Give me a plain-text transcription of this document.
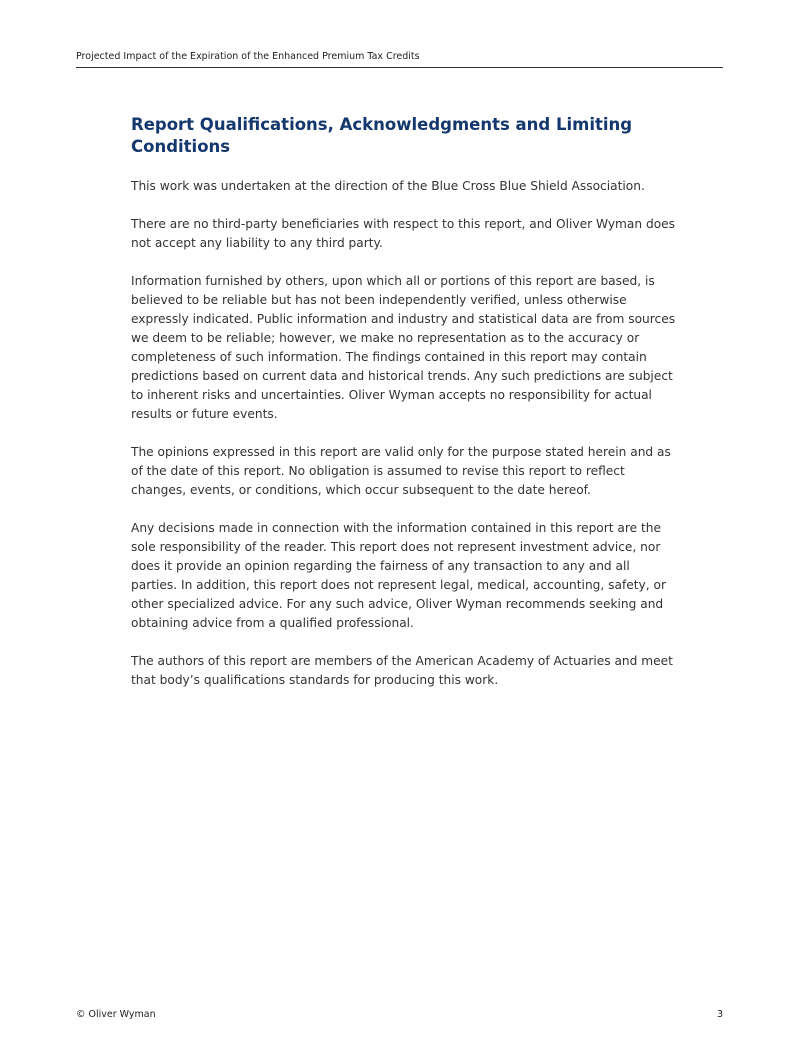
Projected Impact of the Expiration of the Enhanced Premium Tax Credits
Report Qualifications, Acknowledgments and Limiting Conditions

This work was undertaken at the direction of the Blue Cross Blue Shield Association.

There are no third-party beneficiaries with respect to this report, and Oliver Wyman does not accept any liability to any third party.

Information furnished by others, upon which all or portions of this report are based, is believed to be reliable but has not been independently verified, unless otherwise expressly indicated. Public information and industry and statistical data are from sources we deem to be reliable; however, we make no representation as to the accuracy or completeness of such information. The findings contained in this report may contain predictions based on current data and historical trends. Any such predictions are subject to inherent risks and uncertainties. Oliver Wyman accepts no responsibility for actual results or future events.

The opinions expressed in this report are valid only for the purpose stated herein and as of the date of this report. No obligation is assumed to revise this report to reflect changes, events, or conditions, which occur subsequent to the date hereof.

Any decisions made in connection with the information contained in this report are the sole responsibility of the reader. This report does not represent investment advice, nor does it provide an opinion regarding the fairness of any transaction to any and all parties. In addition, this report does not represent legal, medical, accounting, safety, or other specialized advice. For any such advice, Oliver Wyman recommends seeking and obtaining advice from a qualified professional.

The authors of this report are members of the American Academy of Actuaries and meet that body’s qualifications standards for producing this work.

© Oliver Wyman	3
